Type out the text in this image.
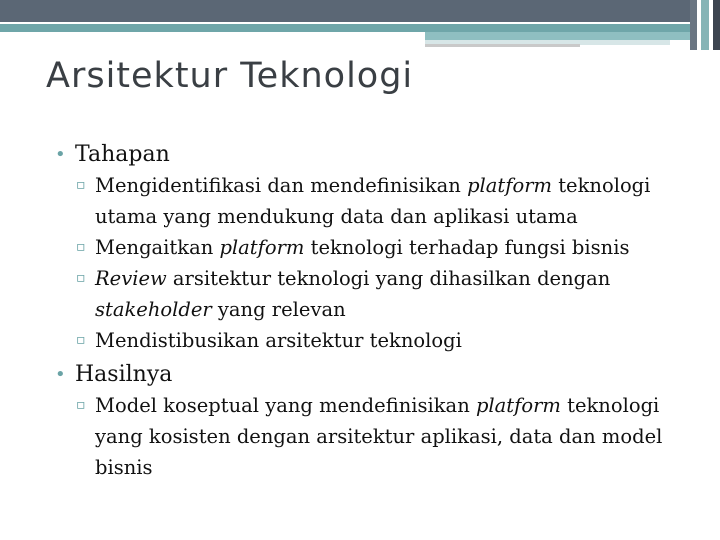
Arsitektur Teknologi

• Tahapan

▫ Mengidentifikasi dan mendefinisikan platform teknologi utama yang mendukung data dan aplikasi utama
▫ Mengaitkan platform teknologi terhadap fungsi bisnis
▫ Review arsitektur teknologi yang dihasilkan dengan stakeholder yang relevan
▫ Mendistibusikan arsitektur teknologi

• Hasilnya

▫ Model koseptual yang mendefinisikan platform teknologi yang kosisten dengan arsitektur aplikasi, data dan model bisnis
